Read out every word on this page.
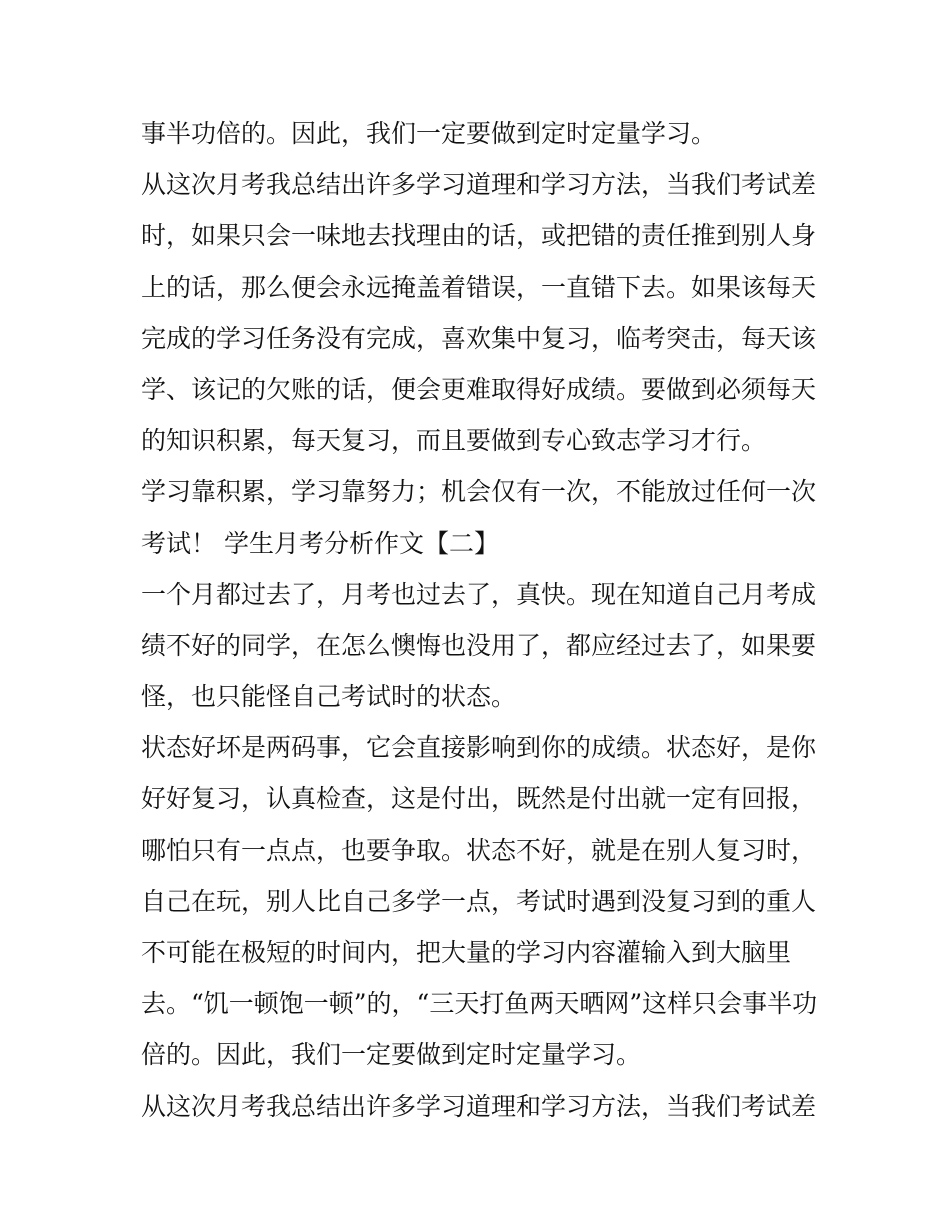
事半功倍的。因此，我们一定要做到定时定量学习。

从这次月考我总结出许多学习道理和学习方法，当我们考试差

时，如果只会一味地去找理由的话，或把错的责任推到别人身

上的话，那么便会永远掩盖着错误，一直错下去。如果该每天

完成的学习任务没有完成，喜欢集中复习，临考突击，每天该

学、该记的欠账的话，便会更难取得好成绩。要做到必须每天

的知识积累，每天复习，而且要做到专心致志学习才行。

学习靠积累，学习靠努力；机会仅有一次，不能放过任何一次

考试！ 学生月考分析作文【二】

一个月都过去了，月考也过去了，真快。现在知道自己月考成

绩不好的同学，在怎么懊悔也没用了，都应经过去了，如果要

怪，也只能怪自己考试时的状态。

状态好坏是两码事，它会直接影响到你的成绩。状态好，是你

好好复习，认真检查，这是付出，既然是付出就一定有回报，

哪怕只有一点点，也要争取。状态不好，就是在别人复习时，

自己在玩，别人比自己多学一点，考试时遇到没复习到的重人

不可能在极短的时间内，把大量的学习内容灌输入到大脑里

去。“饥一顿饱一顿”的，“三天打鱼两天晒网”这样只会事半功

倍的。因此，我们一定要做到定时定量学习。

从这次月考我总结出许多学习道理和学习方法，当我们考试差
